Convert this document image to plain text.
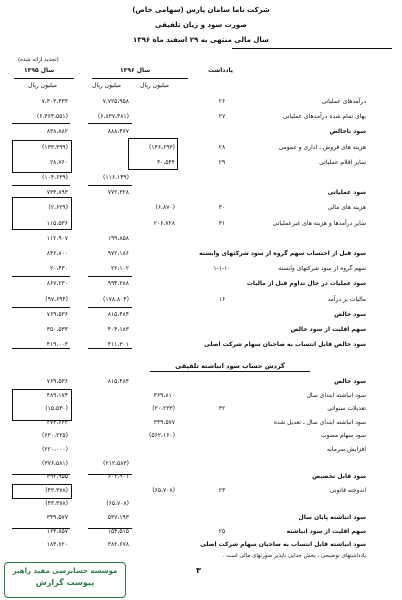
شرکت ناما سامان پارس (سهامی خاص)
صورت سود و زیان تلفیقی
سال مالی منتهی به ۲۹ اسفند ماه ۱۳۹۶
(تجدید ارائه شده)
یادداشت
سال ۱۳۹۶
سال ۱۳۹۵
میلیون ریال
میلیون ریال
میلیون ریال
درآمدهای عملیاتی
۲۶
۷،۷۲۵،۹۵۸
۷،۳۰۳،۴۳۳
بهای تمام شده درآمدهای عملیاتی
۲۷
(۶،۸۳۷،۴۸۱)
(۶،۴۶۴،۵۵۱)
سود ناخالص
۸۸۸،۴۷۷
۸۳۸،۸۸۲
هزینه های فروش ، اداری و عمومی
۲۸
(۱۴۶،۶۹۳)
(۱۳۳،۳۹۹)
سایر اقلام عملیاتی
۲۹
۳۰،۵۴۴
۲۸،۷۶۰
(۱۱۶،۱۴۹)
(۱۰۴،۶۳۹)
سود عملیاتی
۷۷۲،۳۲۸
۷۳۴،۸۹۳
هزینه های مالی
۳۰
(۶،۸۷۰)
(۲،۶۲۹)
سایر درآمدها و هزینه های غیرعملیاتی
۳۱
۲۰۶،۷۲۸
۱۱۵،۵۳۶
۱۹۹،۸۵۸
۱۱۲،۹۰۷
سود قبل از احتساب سهم گروه از سود شرکتهای وابسته
۹۷۲،۱۸۶
۸۴۶،۸۰۰
سهم گروه از سود شرکتهای وابسته
۱-۱-۱۰
۲۲،۱۰۲
۲۰،۴۳۰
سود عملیات در حال تداوم قبل از مالیات
۹۹۴،۲۸۸
۸۶۷،۲۳۰
مالیات بر درآمد
۱۶
(۱۷۸،۸۰۴)
(۹۷،۶۹۴)
سود خالص
۸۱۵،۴۸۴
۷۶۹،۵۳۶
سهم اقلیت از سود خالص
۴۰۴،۱۸۳
۳۵۰،۵۳۳
سود خالص قابل انتساب به صاحبان سهام شرکت اصلی
۴۱۱،۳۰۱
۴۱۹،۰۰۳
گردش حساب سود انباشته تلفیقی
سود خالص
۸۱۵،۴۸۴
۷۶۹،۵۳۶
سود انباشته ابتدای سال
۳۶۹،۸۱۰
۴۸۹،۱۷۴
تعدیلات سنواتی
۳۲
(۲۰،۲۳۳)
(۱۵،۵۳۰)
سود انباشته ابتدای سال ـ تعدیل شده
۳۴۹،۵۷۷
۴۷۳،۶۴۴
سود سهام مصوب
(۵۶۲،۱۶۰)
(۶۳۰،۲۲۵)
افزایش سرمایه
(۲۲۰،۰۰۰)
(۲۱۲،۵۸۳)
(۳۷۶،۵۸۱)
سود قابل تخصیص
۶۰۲،۹۰۱
۳۹۲،۹۵۵
اندوخته قانونی
۲۳
(۶۵،۷۰۸)
(۴۳،۳۷۸)
(۶۵،۷۰۸)
(۴۳،۳۷۸)
سود انباشته پایان سال
۵۳۷،۱۹۳
۳۴۹،۵۷۷
سهم اقلیت از سود انباشته
۲۵
۱۵۴،۵۱۵
۱۶۴،۸۵۷
سود انباشته قابل انتساب به صاحبان سهام شرکت اصلی
۳۸۲،۶۷۸
۱۸۴،۷۲۰
یادداشتهای توضیحی ، بخش جدایی ناپذیر صورتهای مالی است .
۳
موسسه حسابرسی مفید راهبر
پیوست گزارش
